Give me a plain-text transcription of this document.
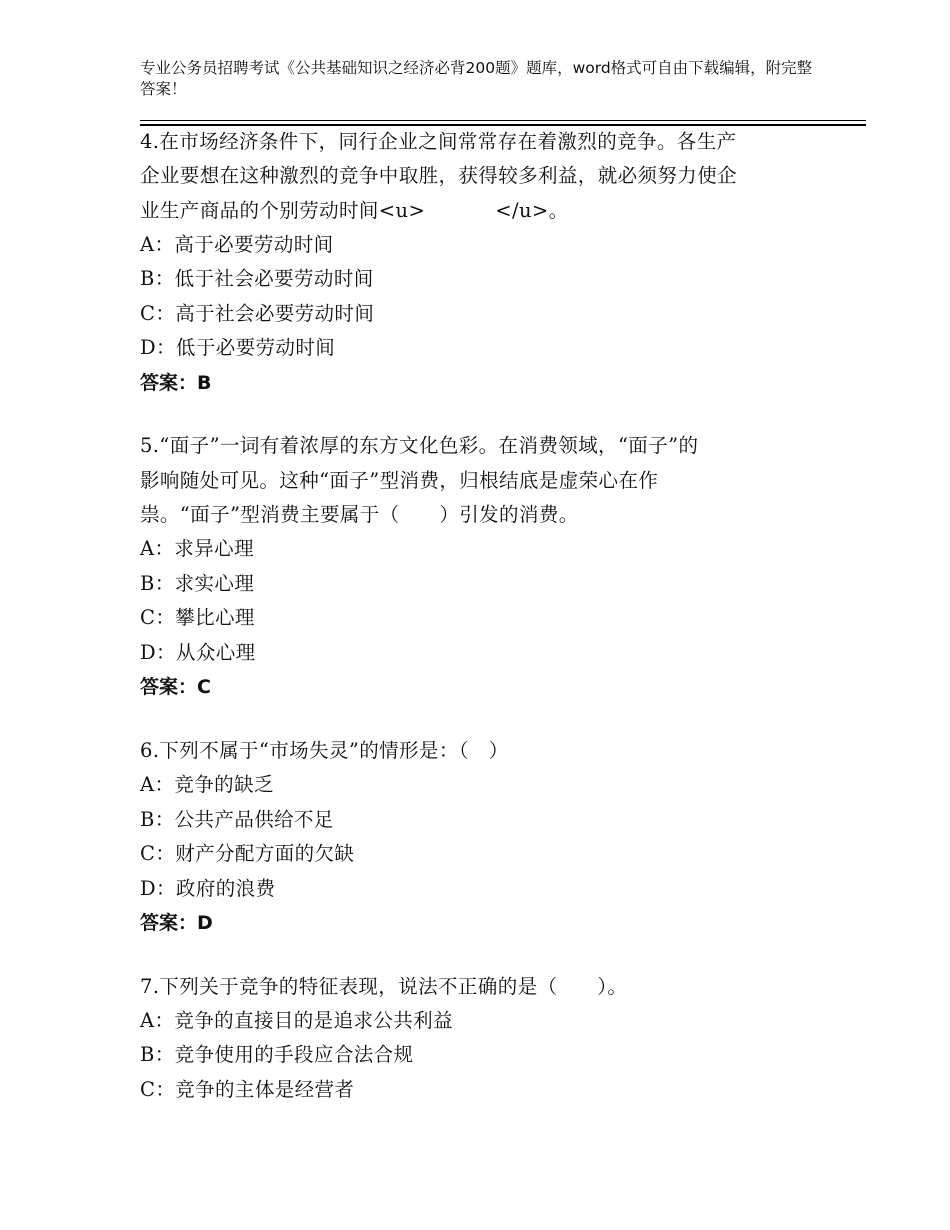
专业公务员招聘考试《公共基础知识之经济必背200题》题库，word格式可自由下载编辑，附完整答案！

4.在市场经济条件下，同行企业之间常常存在着激烈的竞争。各生产
企业要想在这种激烈的竞争中取胜，获得较多利益，就必须努力使企
业生产商品的个别劳动时间<u>	</u>。

A：高于必要劳动时间

B：低于社会必要劳动时间

C：高于社会必要劳动时间

D：低于必要劳动时间

答案：B

5.“面子”一词有着浓厚的东方文化色彩。在消费领域，“面子”的
影响随处可见。这种“面子”型消费，归根结底是虚荣心在作
祟。“面子”型消费主要属于（　　）引发的消费。

A：求异心理

B：求实心理

C：攀比心理

D：从众心理

答案：C

6.下列不属于“市场失灵”的情形是：（　）

A：竞争的缺乏

B：公共产品供给不足

C：财产分配方面的欠缺

D：政府的浪费

答案：D

7.下列关于竞争的特征表现，说法不正确的是（　　）。

A：竞争的直接目的是追求公共利益

B：竞争使用的手段应合法合规

C：竞争的主体是经营者
